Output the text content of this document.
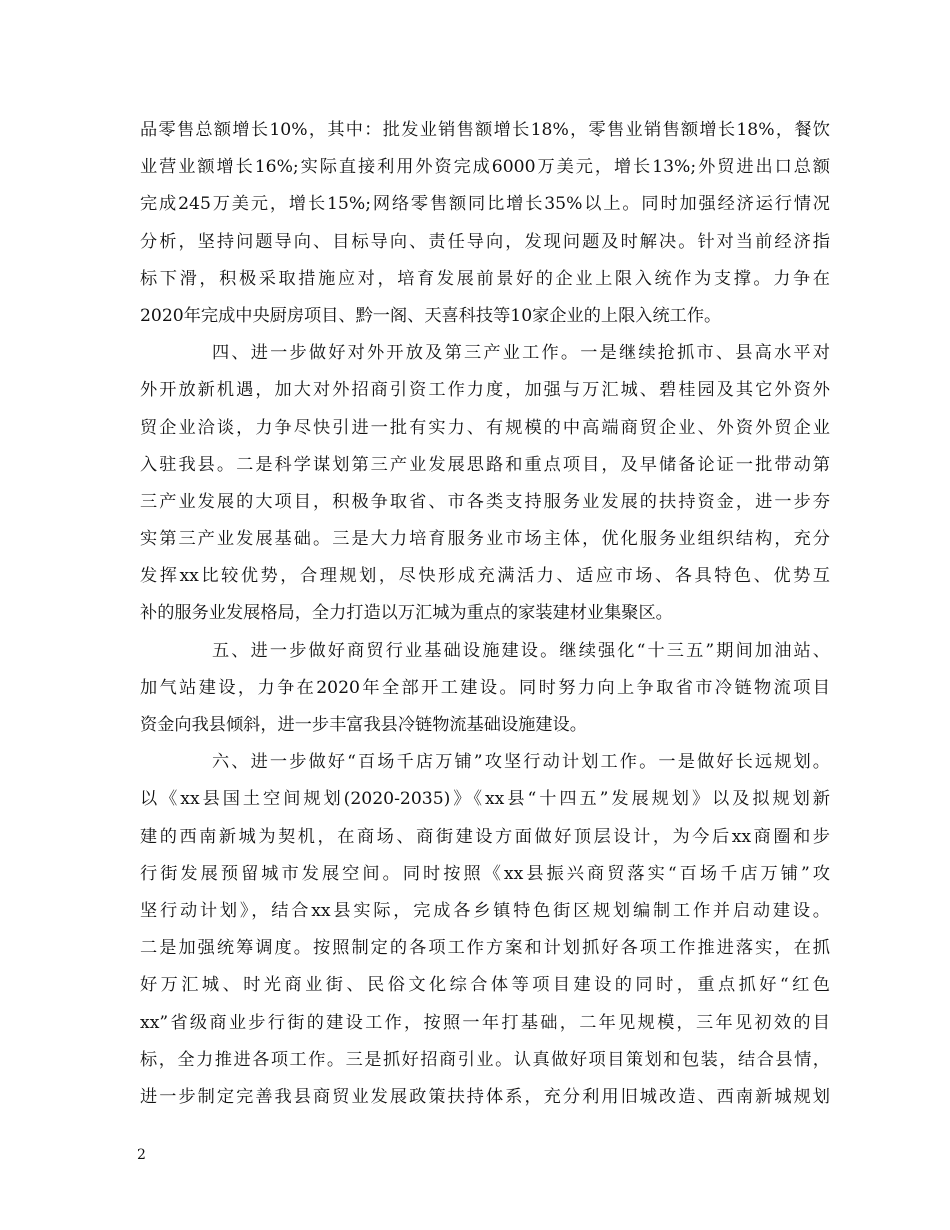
品零售总额增长10%，其中：批发业销售额增长18%，零售业销售额增长18%，餐饮
业营业额增长16%;实际直接利用外资完成6000万美元，增长13%;外贸进出口总额
完成245万美元，增长15%;网络零售额同比增长35%以上。同时加强经济运行情况
分析，坚持问题导向、目标导向、责任导向，发现问题及时解决。针对当前经济指
标下滑，积极采取措施应对，培育发展前景好的企业上限入统作为支撑。力争在
2020年完成中央厨房项目、黔一阁、天喜科技等10家企业的上限入统工作。
四、进一步做好对外开放及第三产业工作。一是继续抢抓市、县高水平对
外开放新机遇，加大对外招商引资工作力度，加强与万汇城、碧桂园及其它外资外
贸企业洽谈，力争尽快引进一批有实力、有规模的中高端商贸企业、外资外贸企业
入驻我县。二是科学谋划第三产业发展思路和重点项目，及早储备论证一批带动第
三产业发展的大项目，积极争取省、市各类支持服务业发展的扶持资金，进一步夯
实第三产业发展基础。三是大力培育服务业市场主体，优化服务业组织结构，充分
发挥xx比较优势，合理规划，尽快形成充满活力、适应市场、各具特色、优势互
补的服务业发展格局，全力打造以万汇城为重点的家装建材业集聚区。
五、进一步做好商贸行业基础设施建设。继续强化“十三五”期间加油站、
加气站建设，力争在2020年全部开工建设。同时努力向上争取省市冷链物流项目
资金向我县倾斜，进一步丰富我县冷链物流基础设施建设。
六、进一步做好“百场千店万铺”攻坚行动计划工作。一是做好长远规划。
以《xx县国土空间规划(2020-2035)》《xx县“十四五”发展规划》以及拟规划新
建的西南新城为契机，在商场、商街建设方面做好顶层设计，为今后xx商圈和步
行街发展预留城市发展空间。同时按照《xx县振兴商贸落实“百场千店万铺”攻
坚行动计划》，结合xx县实际，完成各乡镇特色街区规划编制工作并启动建设。
二是加强统筹调度。按照制定的各项工作方案和计划抓好各项工作推进落实，在抓
好万汇城、时光商业街、民俗文化综合体等项目建设的同时，重点抓好“红色
xx”省级商业步行街的建设工作，按照一年打基础，二年见规模，三年见初效的目
标，全力推进各项工作。三是抓好招商引业。认真做好项目策划和包装，结合县情，
进一步制定完善我县商贸业发展政策扶持体系，充分利用旧城改造、西南新城规划
2
